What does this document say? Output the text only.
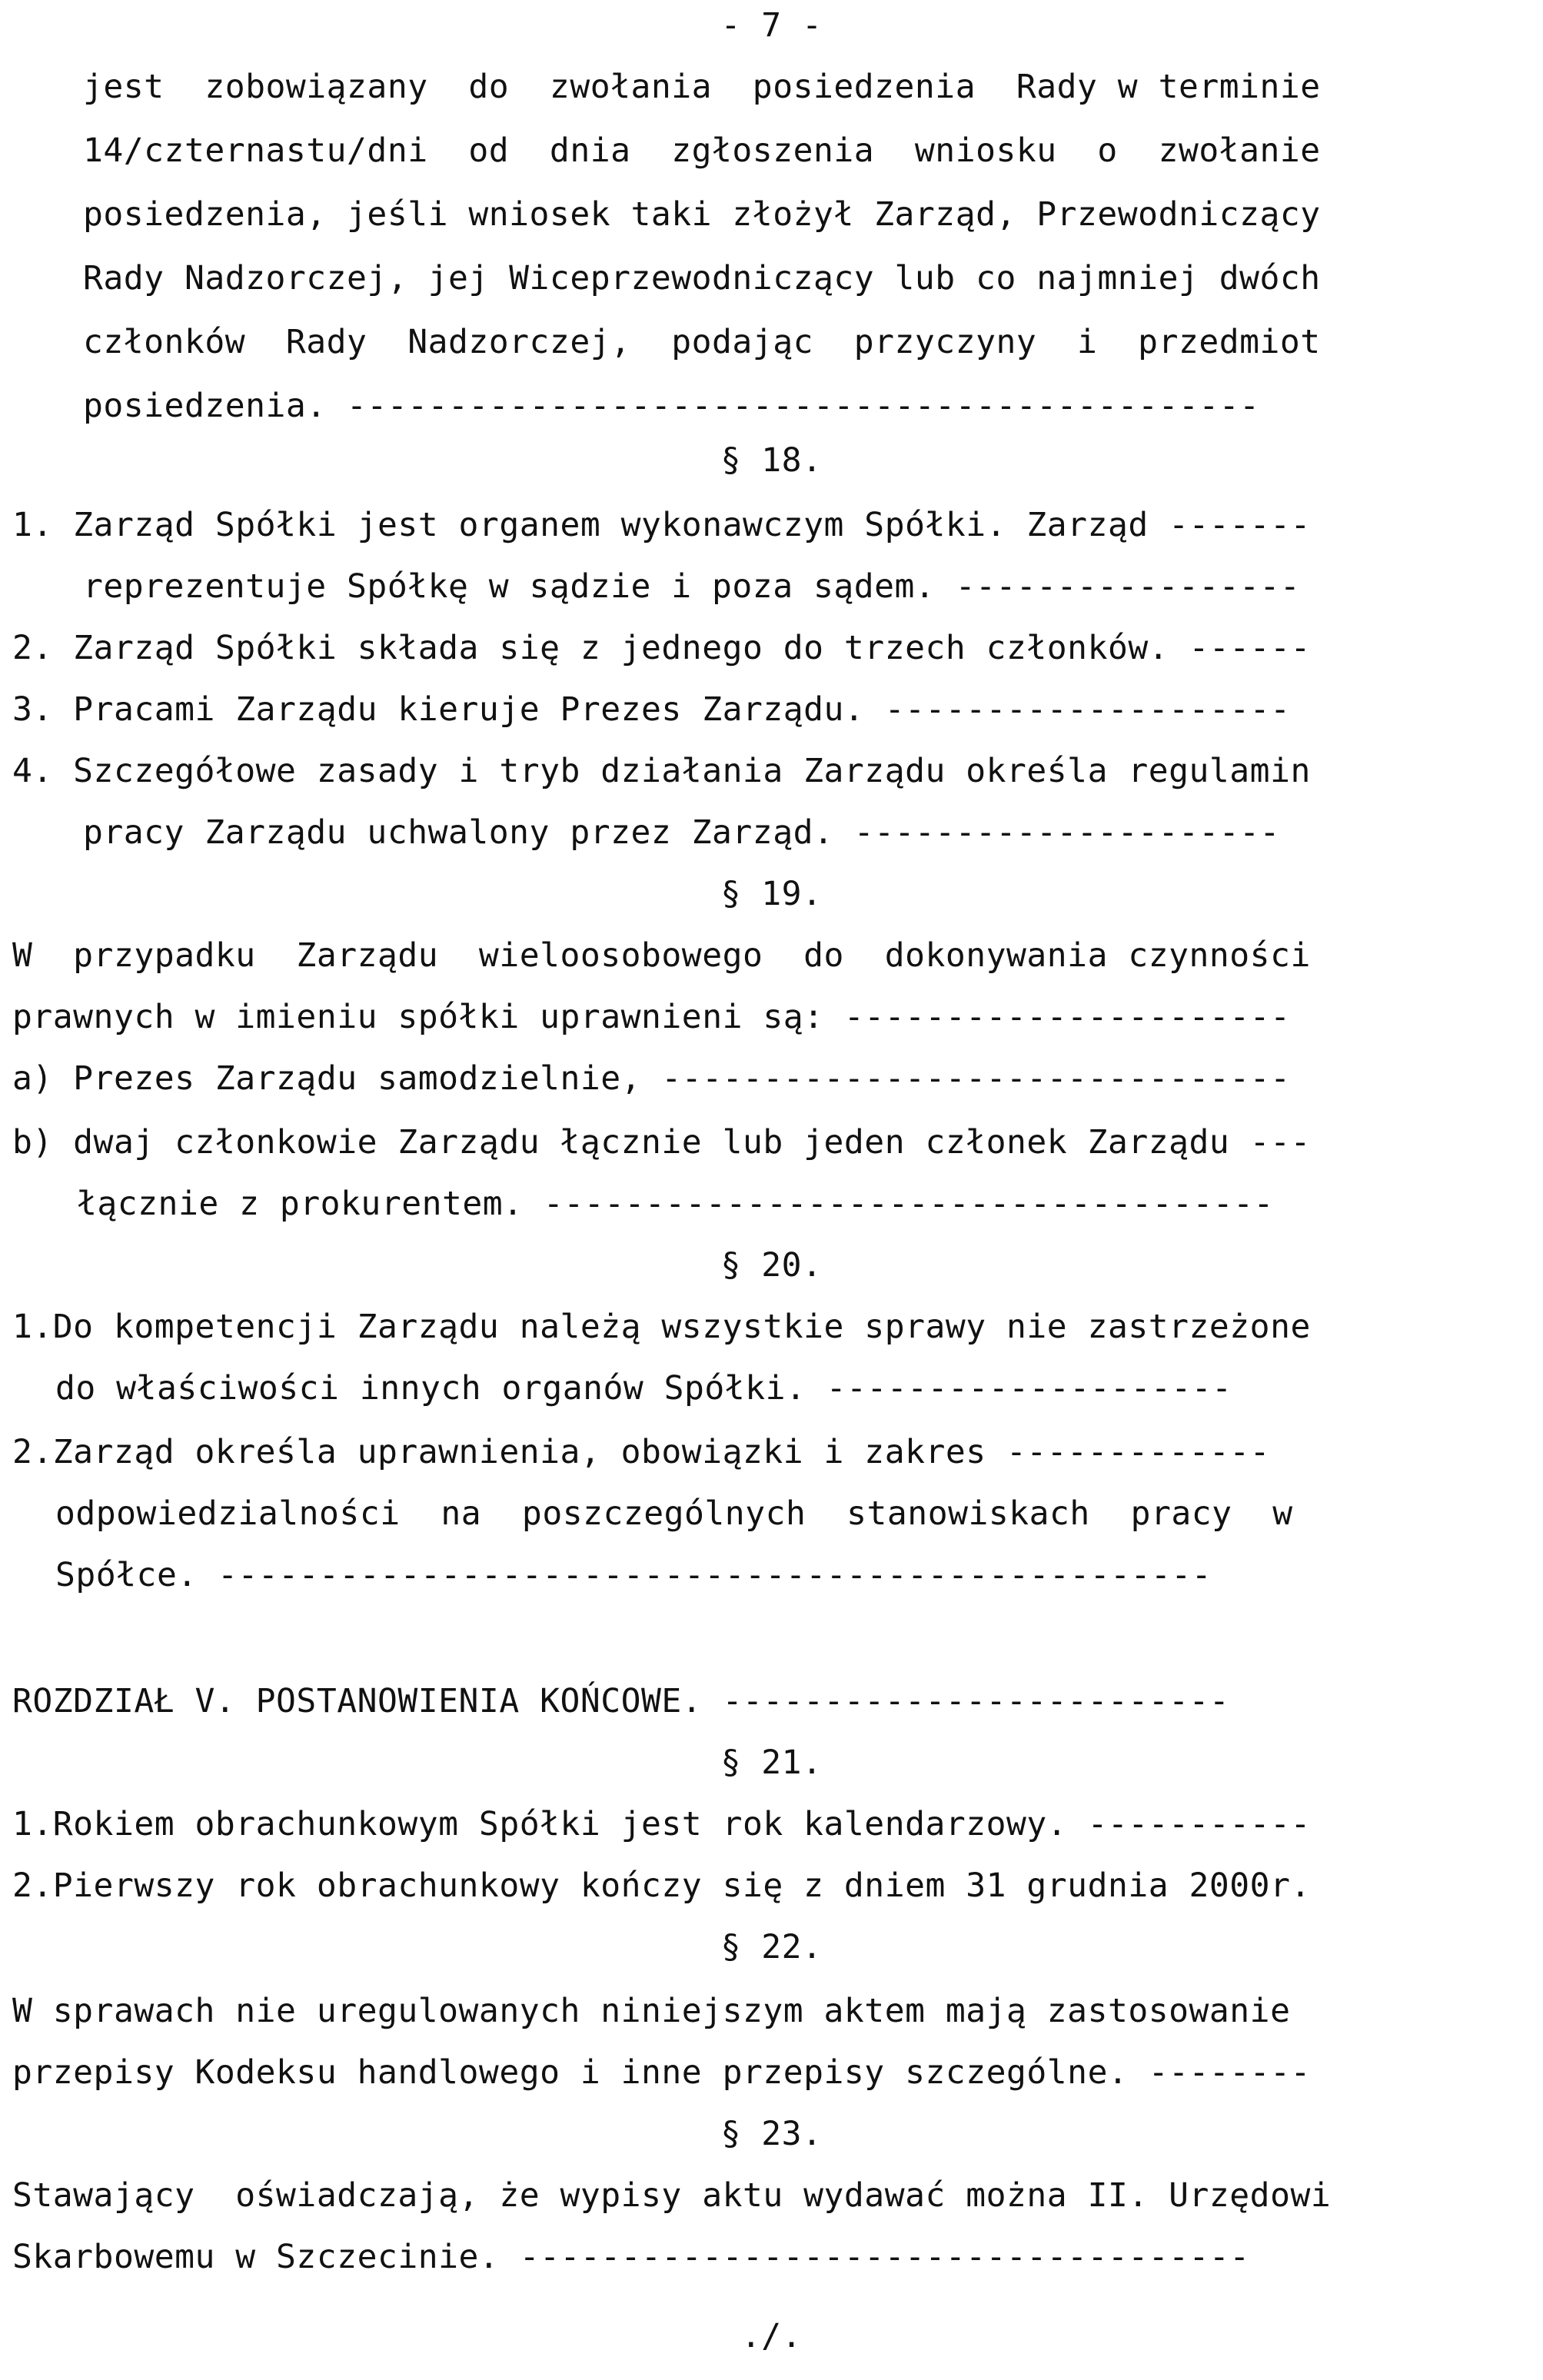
- 7 -
jest  zobowiązany  do  zwołania  posiedzenia  Rady w terminie
14/czternastu/dni  od  dnia  zgłoszenia  wniosku  o  zwołanie
posiedzenia, jeśli wniosek taki złożył Zarząd, Przewodniczący
Rady Nadzorczej, jej Wiceprzewodniczący lub co najmniej dwóch
członków  Rady  Nadzorczej,  podając  przyczyny  i  przedmiot
posiedzenia. ---------------------------------------------
§ 18.
1. Zarząd Spółki jest organem wykonawczym Spółki. Zarząd -------
reprezentuje Spółkę w sądzie i poza sądem. -----------------
2. Zarząd Spółki składa się z jednego do trzech członków. ------
3. Pracami Zarządu kieruje Prezes Zarządu. --------------------
4. Szczegółowe zasady i tryb działania Zarządu określa regulamin
pracy Zarządu uchwalony przez Zarząd. ---------------------
§ 19.
W  przypadku  Zarządu  wieloosobowego  do  dokonywania czynności
prawnych w imieniu spółki uprawnieni są: ----------------------
a) Prezes Zarządu samodzielnie, -------------------------------
b) dwaj członkowie Zarządu łącznie lub jeden członek Zarządu ---
łącznie z prokurentem. ------------------------------------
§ 20.
1.Do kompetencji Zarządu należą wszystkie sprawy nie zastrzeżone
do właściwości innych organów Spółki. --------------------
2.Zarząd określa uprawnienia, obowiązki i zakres -------------
odpowiedzialności  na  poszczególnych  stanowiskach  pracy  w
Spółce. -------------------------------------------------
ROZDZIAŁ V. POSTANOWIENIA KOŃCOWE. -------------------------
§ 21.
1.Rokiem obrachunkowym Spółki jest rok kalendarzowy. -----------
2.Pierwszy rok obrachunkowy kończy się z dniem 31 grudnia 2000r.
§ 22.
W sprawach nie uregulowanych niniejszym aktem mają zastosowanie
przepisy Kodeksu handlowego i inne przepisy szczególne. --------
§ 23.
Stawający  oświadczają, że wypisy aktu wydawać można II. Urzędowi
Skarbowemu w Szczecinie. ------------------------------------
./.
